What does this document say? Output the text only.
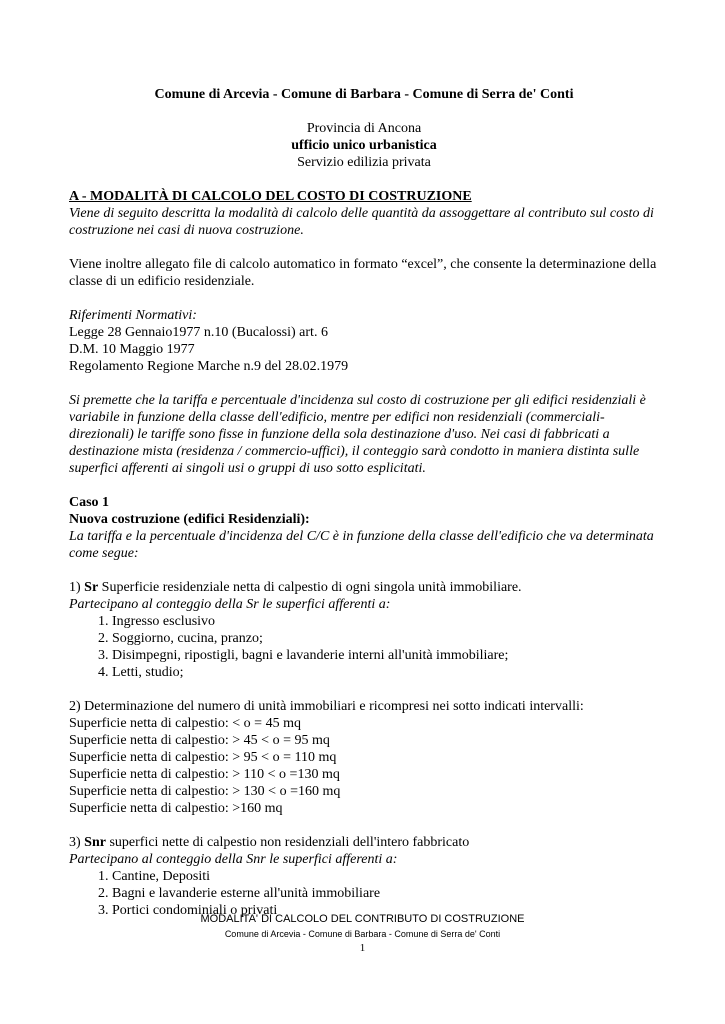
Comune di Arcevia - Comune di Barbara - Comune di Serra de' Conti

Provincia di Ancona

ufficio unico urbanistica

Servizio edilizia privata

A - MODALITÀ DI CALCOLO DEL COSTO DI COSTRUZIONE

Viene di seguito descritta la modalità di calcolo delle quantità da assoggettare al contributo sul costo di costruzione nei casi di nuova costruzione.

Viene inoltre allegato file di calcolo automatico in formato “excel”, che consente la determinazione della classe di un edificio residenziale.

Riferimenti Normativi:

Legge 28 Gennaio1977 n.10 (Bucalossi) art. 6

D.M. 10 Maggio 1977

Regolamento Regione Marche n.9 del 28.02.1979

Si premette che la tariffa e percentuale d'incidenza sul costo di costruzione per gli edifici residenziali è variabile in funzione della classe dell'edificio, mentre per edifici non residenziali (commerciali-direzionali) le tariffe sono fisse in funzione della sola destinazione d'uso. Nei casi di fabbricati a destinazione mista (residenza / commercio-uffici), il conteggio sarà condotto in maniera distinta sulle superfici afferenti ai singoli usi o gruppi di uso sotto esplicitati.

Caso 1

Nuova costruzione (edifici Residenziali):

La tariffa e la percentuale d'incidenza del C/C è in funzione della classe dell'edificio che va determinata come segue:

1) Sr Superficie residenziale netta di calpestio di ogni singola unità immobiliare.

Partecipano al conteggio della Sr le superfici afferenti a:

1. Ingresso esclusivo
2. Soggiorno, cucina, pranzo;
3. Disimpegni, ripostigli, bagni e lavanderie interni all'unità immobiliare;
4. Letti, studio;

2) Determinazione del numero di unità immobiliari e ricompresi nei sotto indicati intervalli:

Superficie netta di calpestio: < o = 45 mq

Superficie netta di calpestio: > 45 < o = 95 mq

Superficie netta di calpestio: > 95 < o = 110 mq

Superficie netta di calpestio: > 110 < o =130 mq

Superficie netta di calpestio: > 130 < o =160 mq

Superficie netta di calpestio: >160 mq

3) Snr superfici nette di calpestio non residenziali dell'intero fabbricato

Partecipano al conteggio della Snr le superfici afferenti a:

1. Cantine, Depositi
2. Bagni e lavanderie esterne all'unità immobiliare
3. Portici condominiali o privati
MODALITA' DI CALCOLO DEL CONTRIBUTO DI COSTRUZIONE
Comune di Arcevia - Comune di Barbara - Comune di Serra de' Conti
1
